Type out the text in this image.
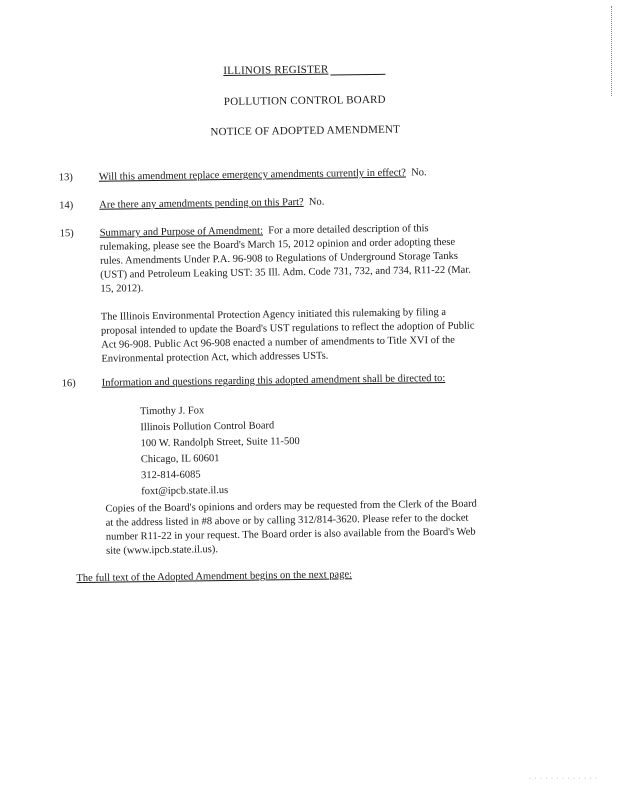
ILLINOIS REGISTER
POLLUTION CONTROL BOARD
NOTICE OF ADOPTED AMENDMENT
13)	Will this amendment replace emergency amendments currently in effect? No.
14)	Are there any amendments pending on this Part? No.
15)	Summary and Purpose of Amendment: For a more detailed description of this
rulemaking, please see the Board's March 15, 2012 opinion and order adopting these
rules. Amendments Under P.A. 96-908 to Regulations of Underground Storage Tanks
(UST) and Petroleum Leaking UST: 35 Ill. Adm. Code 731, 732, and 734, R11-22 (Mar.
15, 2012).
The Illinois Environmental Protection Agency initiated this rulemaking by filing a
proposal intended to update the Board's UST regulations to reflect the adoption of Public
Act 96-908. Public Act 96-908 enacted a number of amendments to Title XVI of the
Environmental protection Act, which addresses USTs.
16)	Information and questions regarding this adopted amendment shall be directed to:
Timothy J. Fox
Illinois Pollution Control Board
100 W. Randolph Street, Suite 11-500
Chicago, IL 60601
312-814-6085
foxt@ipcb.state.il.us
Copies of the Board's opinions and orders may be requested from the Clerk of the Board
at the address listed in #8 above or by calling 312/814-3620. Please refer to the docket
number R11-22 in your request. The Board order is also available from the Board's Web
site (www.ipcb.state.il.us).
The full text of the Adopted Amendment begins on the next page:
· · · · · · · · · · · · ·
